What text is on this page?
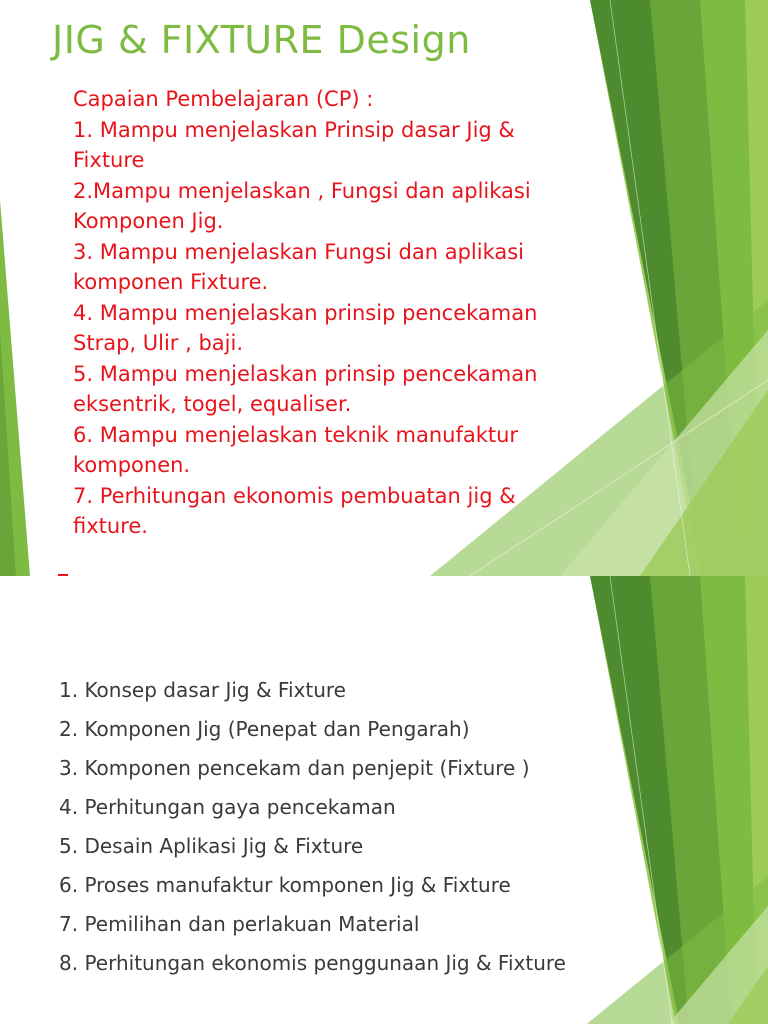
JIG & FIXTURE Design
Capaian Pembelajaran (CP) :
1. Mampu menjelaskan Prinsip dasar Jig &
Fixture
2.Mampu menjelaskan , Fungsi dan aplikasi
Komponen Jig.
3. Mampu menjelaskan Fungsi dan aplikasi
komponen Fixture.
4. Mampu menjelaskan prinsip pencekaman
Strap, Ulir , baji.
5. Mampu menjelaskan prinsip pencekaman
eksentrik, togel, equaliser.
6. Mampu menjelaskan teknik manufaktur
komponen.
7. Perhitungan ekonomis pembuatan jig &
fixture.
1. Konsep dasar Jig & Fixture
2. Komponen Jig (Penepat dan Pengarah)
3. Komponen pencekam dan penjepit (Fixture )
4. Perhitungan gaya pencekaman
5. Desain Aplikasi Jig & Fixture
6. Proses manufaktur komponen Jig & Fixture
7. Pemilihan dan perlakuan Material
8. Perhitungan ekonomis penggunaan Jig & Fixture
